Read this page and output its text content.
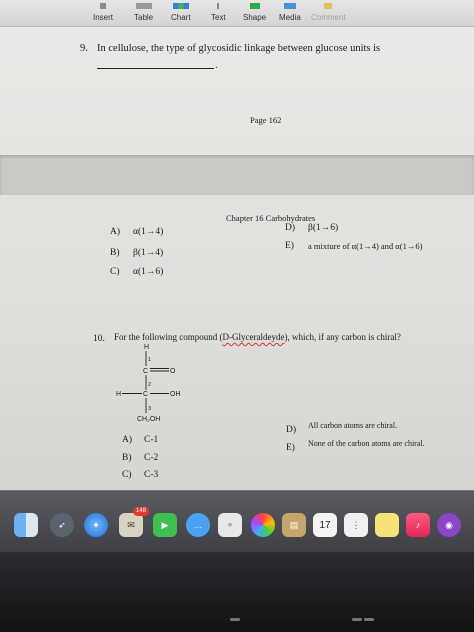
Insert	Table Chart	Text Shape Media Comment
9. In cellulose, the type of glycosidic linkage between glucose units is
.
Page 162
Chapter 16 Carbohydrates
A) α(1→4)
B) β(1→4)
C) α(1→6)
D) β(1→6)
E) a mixture of α(1→4) and α(1→6)
10. For the following compound (D-Glyceraldeyde), which, if any carbon is chiral?
A) C-1
B) C-2
C) C-3
D) All carbon atoms are chiral.
E) None of the carbon atoms are chiral.
H
1
C	O
2
H	C	OH
3
CH₂OH
➶	✦	✉
148
▶	…	⌖	▤	17	⋮	♪	◉
